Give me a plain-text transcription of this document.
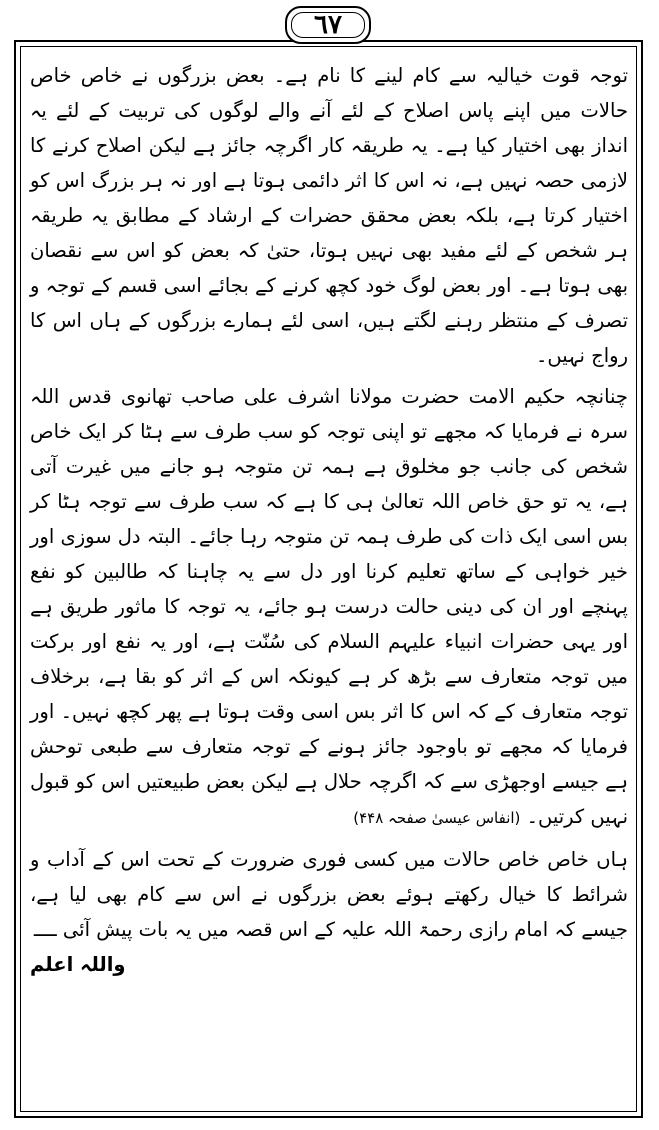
٦٧

توجہ قوت خیالیہ سے کام لینے کا نام ہے۔ بعض بزرگوں نے خاص خاص حالات میں اپنے پاس اصلاح کے لئے آنے والے لوگوں کی تربیت کے لئے یہ انداز بھی اختیار کیا ہے۔ یہ طریقہ کار اگرچہ جائز ہے لیکن اصلاح کرنے کا لازمی حصہ نہیں ہے، نہ اس کا اثر دائمی ہوتا ہے اور نہ ہر بزرگ اس کو اختیار کرتا ہے، بلکہ بعض محقق حضرات کے ارشاد کے مطابق یہ طریقہ ہر شخص کے لئے مفید بھی نہیں ہوتا، حتیٰ کہ بعض کو اس سے نقصان بھی ہوتا ہے۔ اور بعض لوگ خود کچھ کرنے کے بجائے اسی قسم کے توجہ و تصرف کے منتظر رہنے لگتے ہیں، اسی لئے ہمارے بزرگوں کے ہاں اس کا رواج نہیں۔

چنانچہ حکیم الامت حضرت مولانا اشرف علی صاحب تھانوی قدس اللہ سرہ نے فرمایا کہ مجھے تو اپنی توجہ کو سب طرف سے ہٹا کر ایک خاص شخص کی جانب جو مخلوق ہے ہمہ تن متوجہ ہو جانے میں غیرت آتی ہے، یہ تو حق خاص اللہ تعالیٰ ہی کا ہے کہ سب طرف سے توجہ ہٹا کر بس اسی ایک ذات کی طرف ہمہ تن متوجہ رہا جائے۔ البتہ دل سوزی اور خیر خواہی کے ساتھ تعلیم کرنا اور دل سے یہ چاہنا کہ طالبین کو نفع پہنچے اور ان کی دینی حالت درست ہو جائے، یہ توجہ کا ماثور طریق ہے اور یہی حضرات انبیاء علیہم السلام کی سُنّت ہے، اور یہ نفع اور برکت میں توجہ متعارف سے بڑھ کر ہے کیونکہ اس کے اثر کو بقا ہے، برخلاف توجہ متعارف کے کہ اس کا اثر بس اسی وقت ہوتا ہے پھر کچھ نہیں۔ اور فرمایا کہ مجھے تو باوجود جائز ہونے کے توجہ متعارف سے طبعی توحش ہے جیسے اوجھڑی سے کہ اگرچہ حلال ہے لیکن بعض طبیعتیں اس کو قبول نہیں کرتیں۔ (انفاس عیسیٰ صفحہ ۴۴۸)

ہاں خاص خاص حالات میں کسی فوری ضرورت کے تحت اس کے آداب و شرائط کا خیال رکھتے ہوئے بعض بزرگوں نے اس سے کام بھی لیا ہے، جیسے کہ امام رازی رحمۃ اللہ علیہ کے اس قصہ میں یہ بات پیش آئی ــــ
واللہ اعلم
